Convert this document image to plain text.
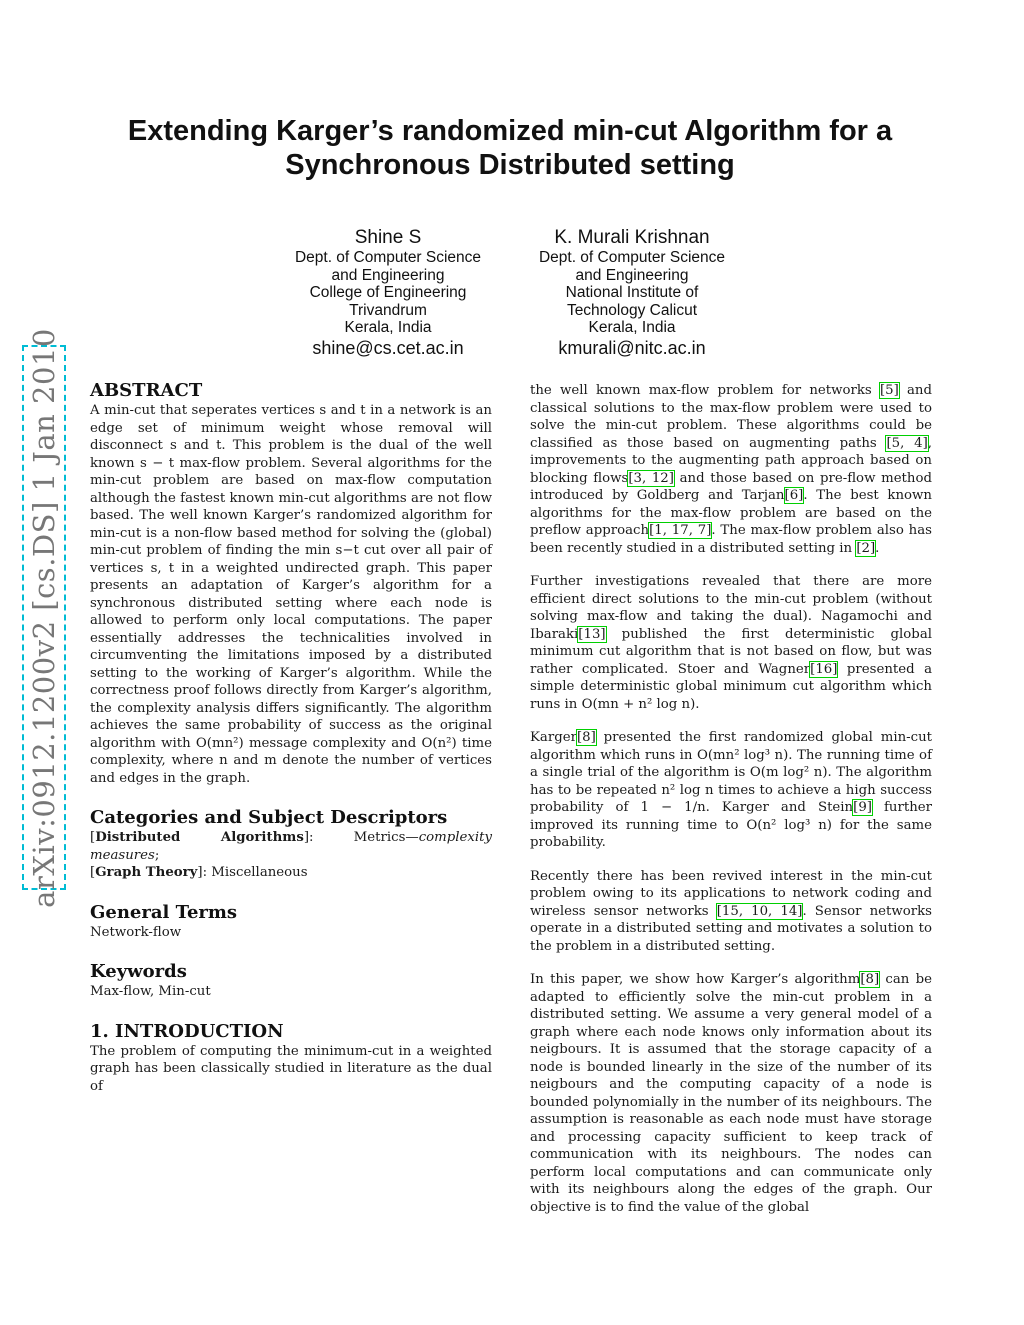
arXiv:0912.1200v2 [cs.DS] 1 Jan 2010
Extending Karger’s randomized min-cut Algorithm for a
Synchronous Distributed setting
Shine S
Dept. of Computer Science
and Engineering
College of Engineering
Trivandrum
Kerala, India
shine@cs.cet.ac.in
K. Murali Krishnan
Dept. of Computer Science
and Engineering
National Institute of
Technology Calicut
Kerala, India
kmurali@nitc.ac.in
ABSTRACT

A min-cut that seperates vertices s and t in a network is an edge set of minimum weight whose removal will disconnect s and t. This problem is the dual of the well known s − t max-flow problem. Several algorithms for the min-cut problem are based on max-flow computation although the fastest known min-cut algorithms are not flow based. The well known Karger’s randomized algorithm for min-cut is a non-flow based method for solving the (global) min-cut problem of finding the min s−t cut over all pair of vertices s, t in a weighted undirected graph. This paper presents an adaptation of Karger’s algorithm for a synchronous distributed setting where each node is allowed to perform only local computations. The paper essentially addresses the technicalities involved in circumventing the limitations imposed by a distributed setting to the working of Karger’s algorithm. While the correctness proof follows directly from Karger’s algorithm, the complexity analysis differs significantly. The algorithm achieves the same probability of success as the original algorithm with O(mn²) message complexity and O(n²) time complexity, where n and m denote the number of vertices and edges in the graph.

Categories and Subject Descriptors

[Distributed Algorithms]: Metrics—complexity measures;

[Graph Theory]: Miscellaneous

General Terms

Network-flow

Keywords

Max-flow, Min-cut

1. INTRODUCTION

The problem of computing the minimum-cut in a weighted graph has been classically studied in literature as the dual of

the well known max-flow problem for networks [5] and classical solutions to the max-flow problem were used to solve the min-cut problem. These algorithms could be classified as those based on augmenting paths [5, 4], improvements to the augmenting path approach based on blocking flows[3, 12] and those based on pre-flow method introduced by Goldberg and Tarjan[6]. The best known algorithms for the max-flow problem are based on the preflow approach[1, 17, 7]. The max-flow problem also has been recently studied in a distributed setting in [2].

Further investigations revealed that there are more efficient direct solutions to the min-cut problem (without solving max-flow and taking the dual). Nagamochi and Ibaraki[13] published the first deterministic global minimum cut algorithm that is not based on flow, but was rather complicated. Stoer and Wagner[16] presented a simple deterministic global minimum cut algorithm which runs in O(mn + n² log n).

Karger[8] presented the first randomized global min-cut algorithm which runs in O(mn² log³ n). The running time of a single trial of the algorithm is O(m log² n). The algorithm has to be repeated n² log n times to achieve a high success probability of 1 − 1/n. Karger and Stein[9] further improved its running time to O(n² log³ n) for the same probability.

Recently there has been revived interest in the min-cut problem owing to its applications to network coding and wireless sensor networks [15, 10, 14]. Sensor networks operate in a distributed setting and motivates a solution to the problem in a distributed setting.

In this paper, we show how Karger’s algorithm[8] can be adapted to efficiently solve the min-cut problem in a distributed setting. We assume a very general model of a graph where each node knows only information about its neigbours. It is assumed that the storage capacity of a node is bounded linearly in the size of the number of its neigbours and the computing capacity of a node is bounded polynomially in the number of its neighbours. The assumption is reasonable as each node must have storage and processing capacity sufficient to keep track of communication with its neighbours. The nodes can perform local computations and can communicate only with its neighbours along the edges of the graph. Our objective is to find the value of the global
